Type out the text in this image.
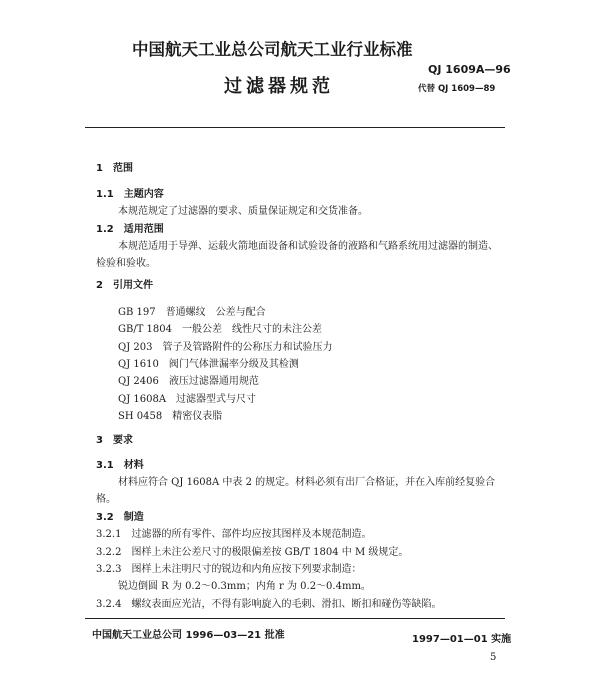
中国航天工业总公司航天工业行业标准
过滤器规范
QJ 1609A—96
代替 QJ 1609—89
1　范围
1.1　主题内容
本规范规定了过滤器的要求、质量保证规定和交货准备。
1.2　适用范围
本规范适用于导弹、运载火箭地面设备和试验设备的液路和气路系统用过滤器的制造、
检验和验收。
2　引用文件
GB 197　普通螺纹　公差与配合
GB/T 1804　一般公差　线性尺寸的未注公差
QJ 203　管子及管路附件的公称压力和试验压力
QJ 1610　阀门气体泄漏率分级及其检测
QJ 2406　液压过滤器通用规范
QJ 1608A　过滤器型式与尺寸
SH 0458　精密仪表脂
3　要求
3.1　材料
材料应符合 QJ 1608A 中表 2 的规定。材料必须有出厂合格证，并在入库前经复验合
格。
3.2　制造
3.2.1　过滤器的所有零件、部件均应按其图样及本规范制造。
3.2.2　图样上未注公差尺寸的极限偏差按 GB/T 1804 中 M 级规定。
3.2.3　图样上未注明尺寸的锐边和内角应按下列要求制造：
锐边倒圆 R 为 0.2～0.3mm；内角 r 为 0.2～0.4mm。
3.2.4　螺纹表面应光洁，不得有影响旋入的毛刺、滑扣、断扣和碰伤等缺陷。
中国航天工业总公司 1996—03—21 批准	1997—01—01 实施
5
